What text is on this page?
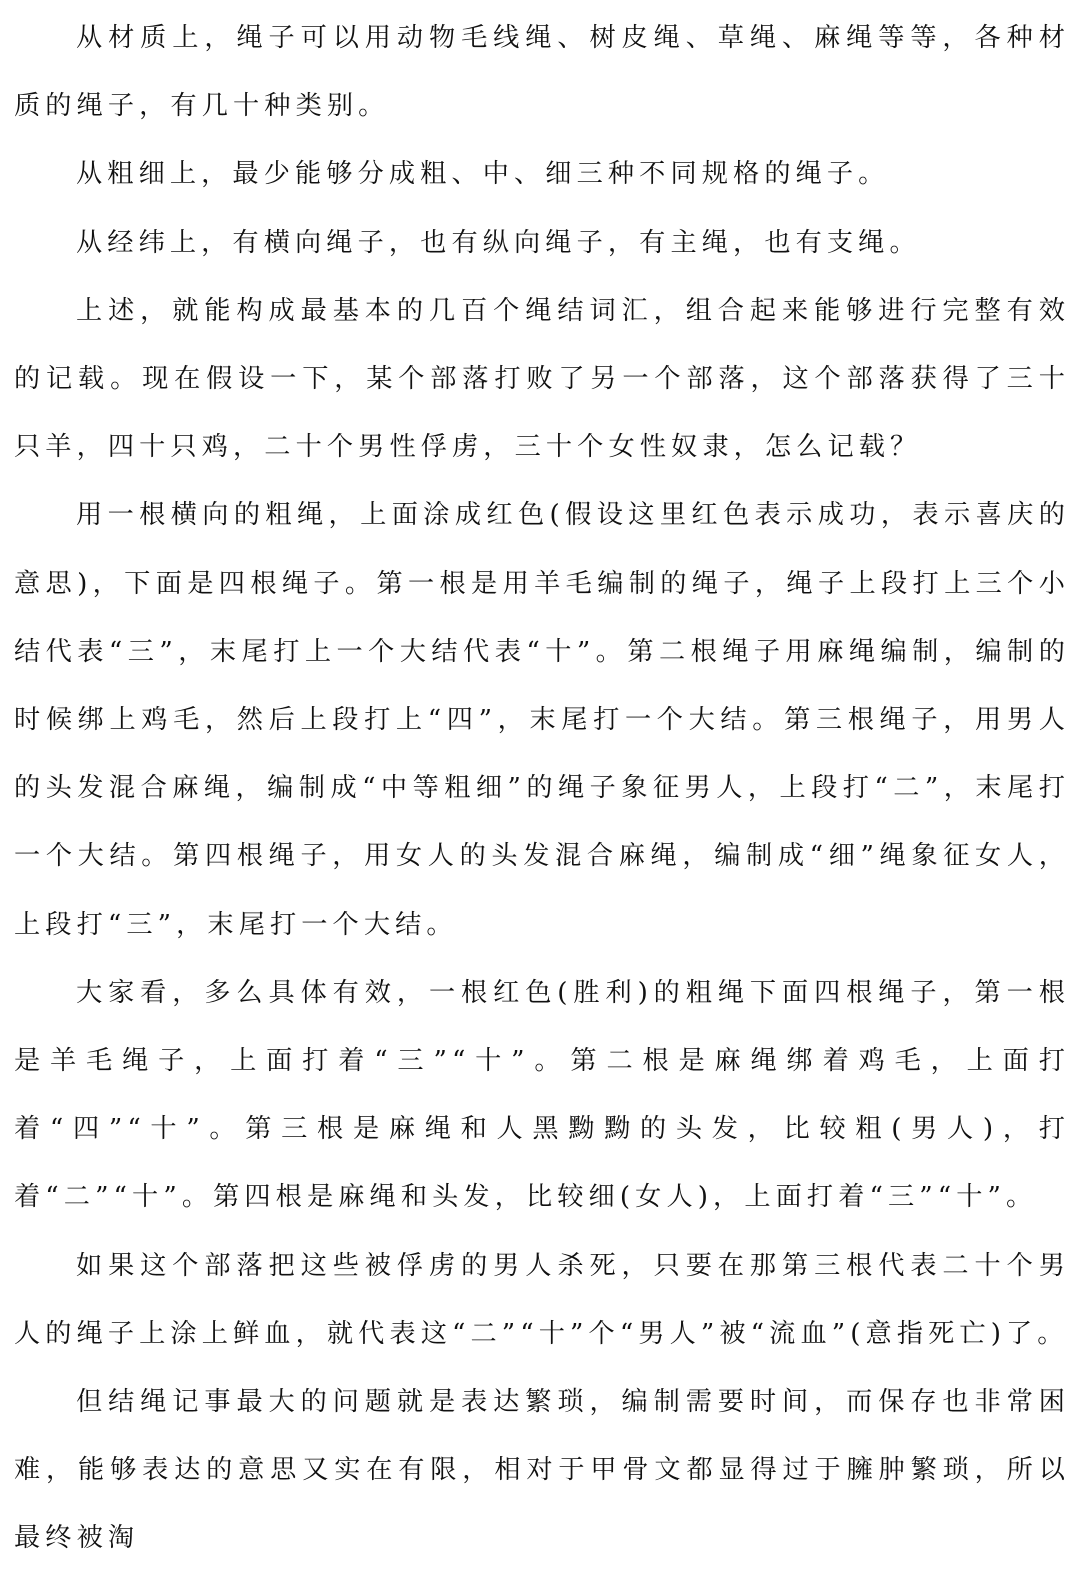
从材质上，绳子可以用动物毛线绳、树皮绳、草绳、麻绳等等，各种材质的绳子，有几十种类别。

从粗细上，最少能够分成粗、中、细三种不同规格的绳子。

从经纬上，有横向绳子，也有纵向绳子，有主绳，也有支绳。

上述，就能构成最基本的几百个绳结词汇，组合起来能够进行完整有效的记载。现在假设一下，某个部落打败了另一个部落，这个部落获得了三十只羊，四十只鸡，二十个男性俘虏，三十个女性奴隶，怎么记载？

用一根横向的粗绳，上面涂成红色(假设这里红色表示成功，表示喜庆的意思)，下面是四根绳子。第一根是用羊毛编制的绳子，绳子上段打上三个小结代表“三”，末尾打上一个大结代表“十”。第二根绳子用麻绳编制，编制的时候绑上鸡毛，然后上段打上“四”，末尾打一个大结。第三根绳子，用男人的头发混合麻绳，编制成“中等粗细”的绳子象征男人，上段打“二”，末尾打一个大结。第四根绳子，用女人的头发混合麻绳，编制成“细”绳象征女人，上段打“三”，末尾打一个大结。

大家看，多么具体有效，一根红色(胜利)的粗绳下面四根绳子，第一根是羊毛绳子，上面打着“三”“十”。第二根是麻绳绑着鸡毛，上面打着“四”“十”。第三根是麻绳和人黑黝黝的头发，比较粗(男人)，打着“二”“十”。第四根是麻绳和头发，比较细(女人)，上面打着“三”“十”。

如果这个部落把这些被俘虏的男人杀死，只要在那第三根代表二十个男人的绳子上涂上鲜血，就代表这“二”“十”个“男人”被“流血”(意指死亡)了。

但结绳记事最大的问题就是表达繁琐，编制需要时间，而保存也非常困难，能够表达的意思又实在有限，相对于甲骨文都显得过于臃肿繁琐，所以最终被淘
